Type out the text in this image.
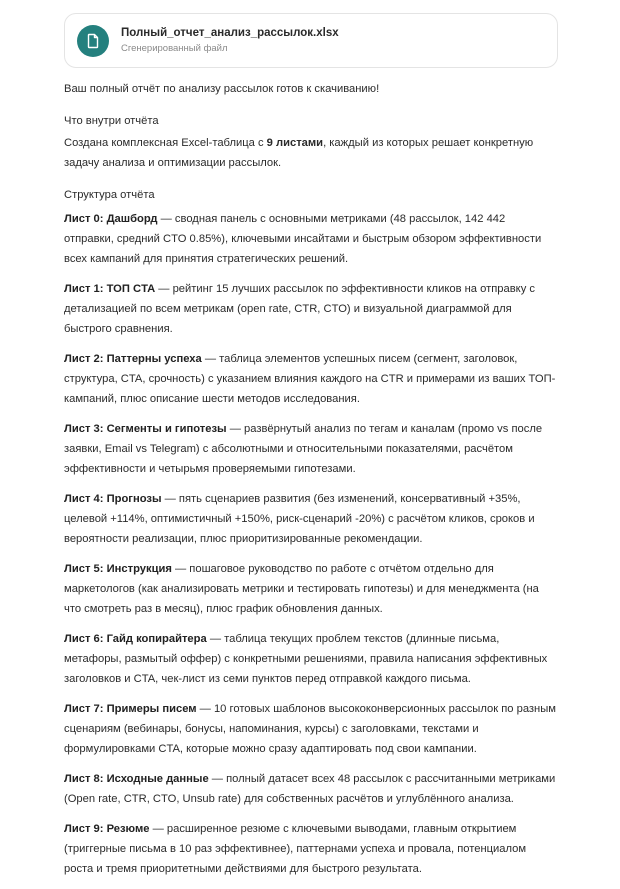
Полный_отчет_анализ_рассылок.xlsx
Сгенерированный файл

Ваш полный отчёт по анализу рассылок готов к скачиванию!

Что внутри отчёта

Создана комплексная Excel-таблица с 9 листами, каждый из которых решает конкретную задачу анализа и оптимизации рассылок.

Структура отчёта

Лист 0: Дашборд — сводная панель с основными метриками (48 рассылок, 142 442 отправки, средний CTO 0.85%), ключевыми инсайтами и быстрым обзором эффективности всех кампаний для принятия стратегических решений.

Лист 1: ТОП CTA — рейтинг 15 лучших рассылок по эффективности кликов на отправку с детализацией по всем метрикам (open rate, CTR, CTO) и визуальной диаграммой для быстрого сравнения.

Лист 2: Паттерны успеха — таблица элементов успешных писем (сегмент, заголовок, структура, CTA, срочность) с указанием влияния каждого на CTR и примерами из ваших ТОП-кампаний, плюс описание шести методов исследования.

Лист 3: Сегменты и гипотезы — развёрнутый анализ по тегам и каналам (промо vs после заявки, Email vs Telegram) с абсолютными и относительными показателями, расчётом эффективности и четырьмя проверяемыми гипотезами.

Лист 4: Прогнозы — пять сценариев развития (без изменений, консервативный +35%, целевой +114%, оптимистичный +150%, риск-сценарий -20%) с расчётом кликов, сроков и вероятности реализации, плюс приоритизированные рекомендации.

Лист 5: Инструкция — пошаговое руководство по работе с отчётом отдельно для маркетологов (как анализировать метрики и тестировать гипотезы) и для менеджмента (на что смотреть раз в месяц), плюс график обновления данных.

Лист 6: Гайд копирайтера — таблица текущих проблем текстов (длинные письма, метафоры, размытый оффер) с конкретными решениями, правила написания эффективных заголовков и CTA, чек-лист из семи пунктов перед отправкой каждого письма.

Лист 7: Примеры писем — 10 готовых шаблонов высококонверсионных рассылок по разным сценариям (вебинары, бонусы, напоминания, курсы) с заголовками, текстами и формулировками CTA, которые можно сразу адаптировать под свои кампании.

Лист 8: Исходные данные — полный датасет всех 48 рассылок с рассчитанными метриками (Open rate, CTR, CTO, Unsub rate) для собственных расчётов и углублённого анализа.

Лист 9: Резюме — расширенное резюме с ключевыми выводами, главным открытием (триггерные письма в 10 раз эффективнее), паттернами успеха и провала, потенциалом роста и тремя приоритетными действиями для быстрого результата.
